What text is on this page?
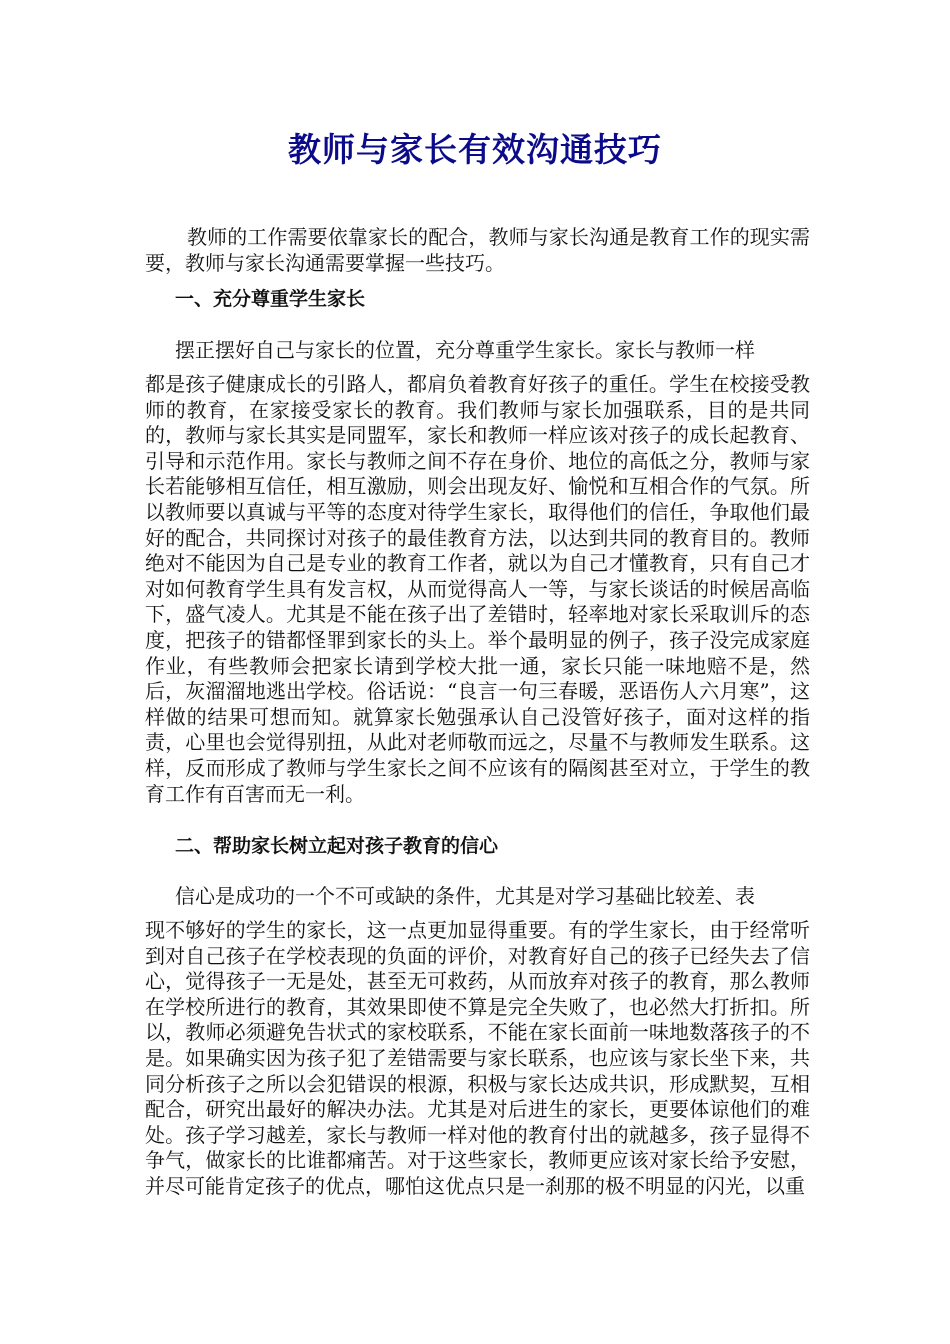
教师与家长有效沟通技巧

教师的工作需要依靠家长的配合，教师与家长沟通是教育工作的现实需要，教师与家长沟通需要掌握一些技巧。

一、充分尊重学生家长

摆正摆好自己与家长的位置，充分尊重学生家长。家长与教师一样

都是孩子健康成长的引路人，都肩负着教育好孩子的重任。学生在校接受教师的教育，在家接受家长的教育。我们教师与家长加强联系，目的是共同的，教师与家长其实是同盟军，家长和教师一样应该对孩子的成长起教育、引导和示范作用。家长与教师之间不存在身价、地位的高低之分，教师与家长若能够相互信任，相互激励，则会出现友好、愉悦和互相合作的气氛。所以教师要以真诚与平等的态度对待学生家长，取得他们的信任，争取他们最好的配合，共同探讨对孩子的最佳教育方法，以达到共同的教育目的。教师绝对不能因为自己是专业的教育工作者，就以为自己才懂教育，只有自己才对如何教育学生具有发言权，从而觉得高人一等，与家长谈话的时候居高临下，盛气凌人。尤其是不能在孩子出了差错时，轻率地对家长采取训斥的态度，把孩子的错都怪罪到家长的头上。举个最明显的例子，孩子没完成家庭作业，有些教师会把家长请到学校大批一通，家长只能一味地赔不是，然后，灰溜溜地逃出学校。俗话说：“良言一句三春暖，恶语伤人六月寒”，这样做的结果可想而知。就算家长勉强承认自己没管好孩子，面对这样的指责，心里也会觉得别扭，从此对老师敬而远之，尽量不与教师发生联系。这样，反而形成了教师与学生家长之间不应该有的隔阂甚至对立，于学生的教育工作有百害而无一利。

二、帮助家长树立起对孩子教育的信心

信心是成功的一个不可或缺的条件，尤其是对学习基础比较差、表

现不够好的学生的家长，这一点更加显得重要。有的学生家长，由于经常听到对自己孩子在学校表现的负面的评价，对教育好自己的孩子已经失去了信心，觉得孩子一无是处，甚至无可救药，从而放弃对孩子的教育，那么教师在学校所进行的教育，其效果即使不算是完全失败了，也必然大打折扣。所以，教师必须避免告状式的家校联系，不能在家长面前一味地数落孩子的不是。如果确实因为孩子犯了差错需要与家长联系，也应该与家长坐下来，共同分析孩子之所以会犯错误的根源，积极与家长达成共识，形成默契，互相配合，研究出最好的解决办法。尤其是对后进生的家长，更要体谅他们的难处。孩子学习越差，家长与教师一样对他的教育付出的就越多，孩子显得不争气，做家长的比谁都痛苦。对于这些家长，教师更应该对家长给予安慰，并尽可能肯定孩子的优点，哪怕这优点只是一刹那的极不明显的闪光，以重
